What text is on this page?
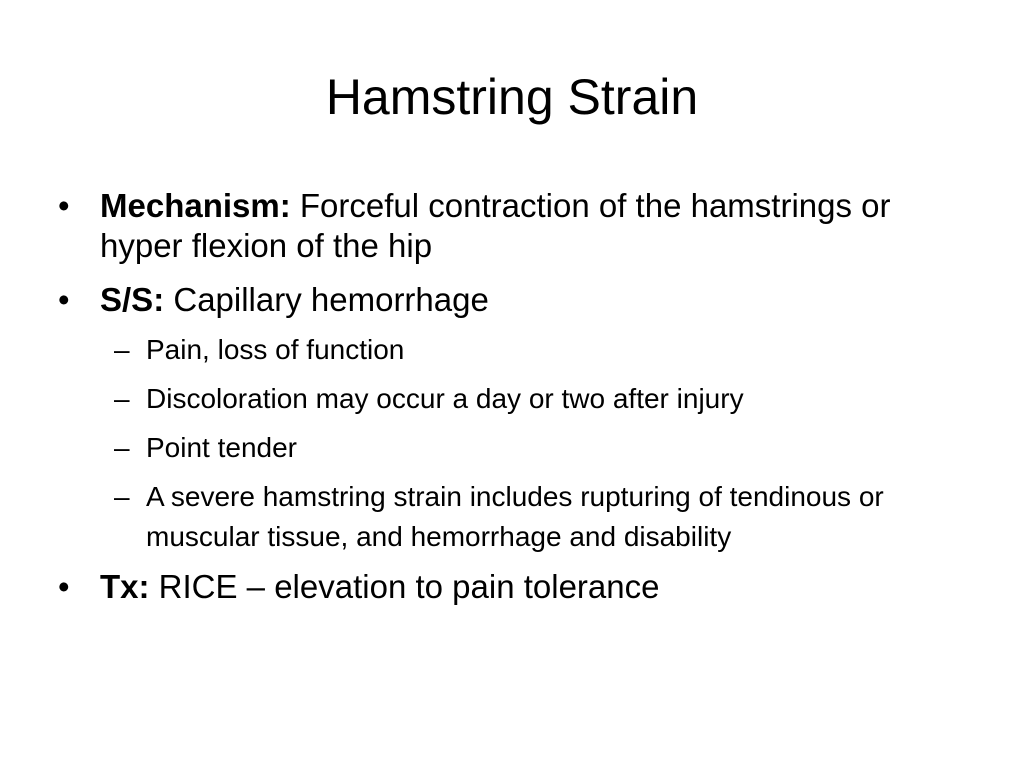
Hamstring Strain
• Mechanism: Forceful contraction of the hamstrings or hyper flexion of the hip
• S/S: Capillary hemorrhage
– Pain, loss of function
– Discoloration may occur a day or two after injury
– Point tender
– A severe hamstring strain includes rupturing of tendinous or muscular tissue, and hemorrhage and disability
• Tx: RICE – elevation to pain tolerance
